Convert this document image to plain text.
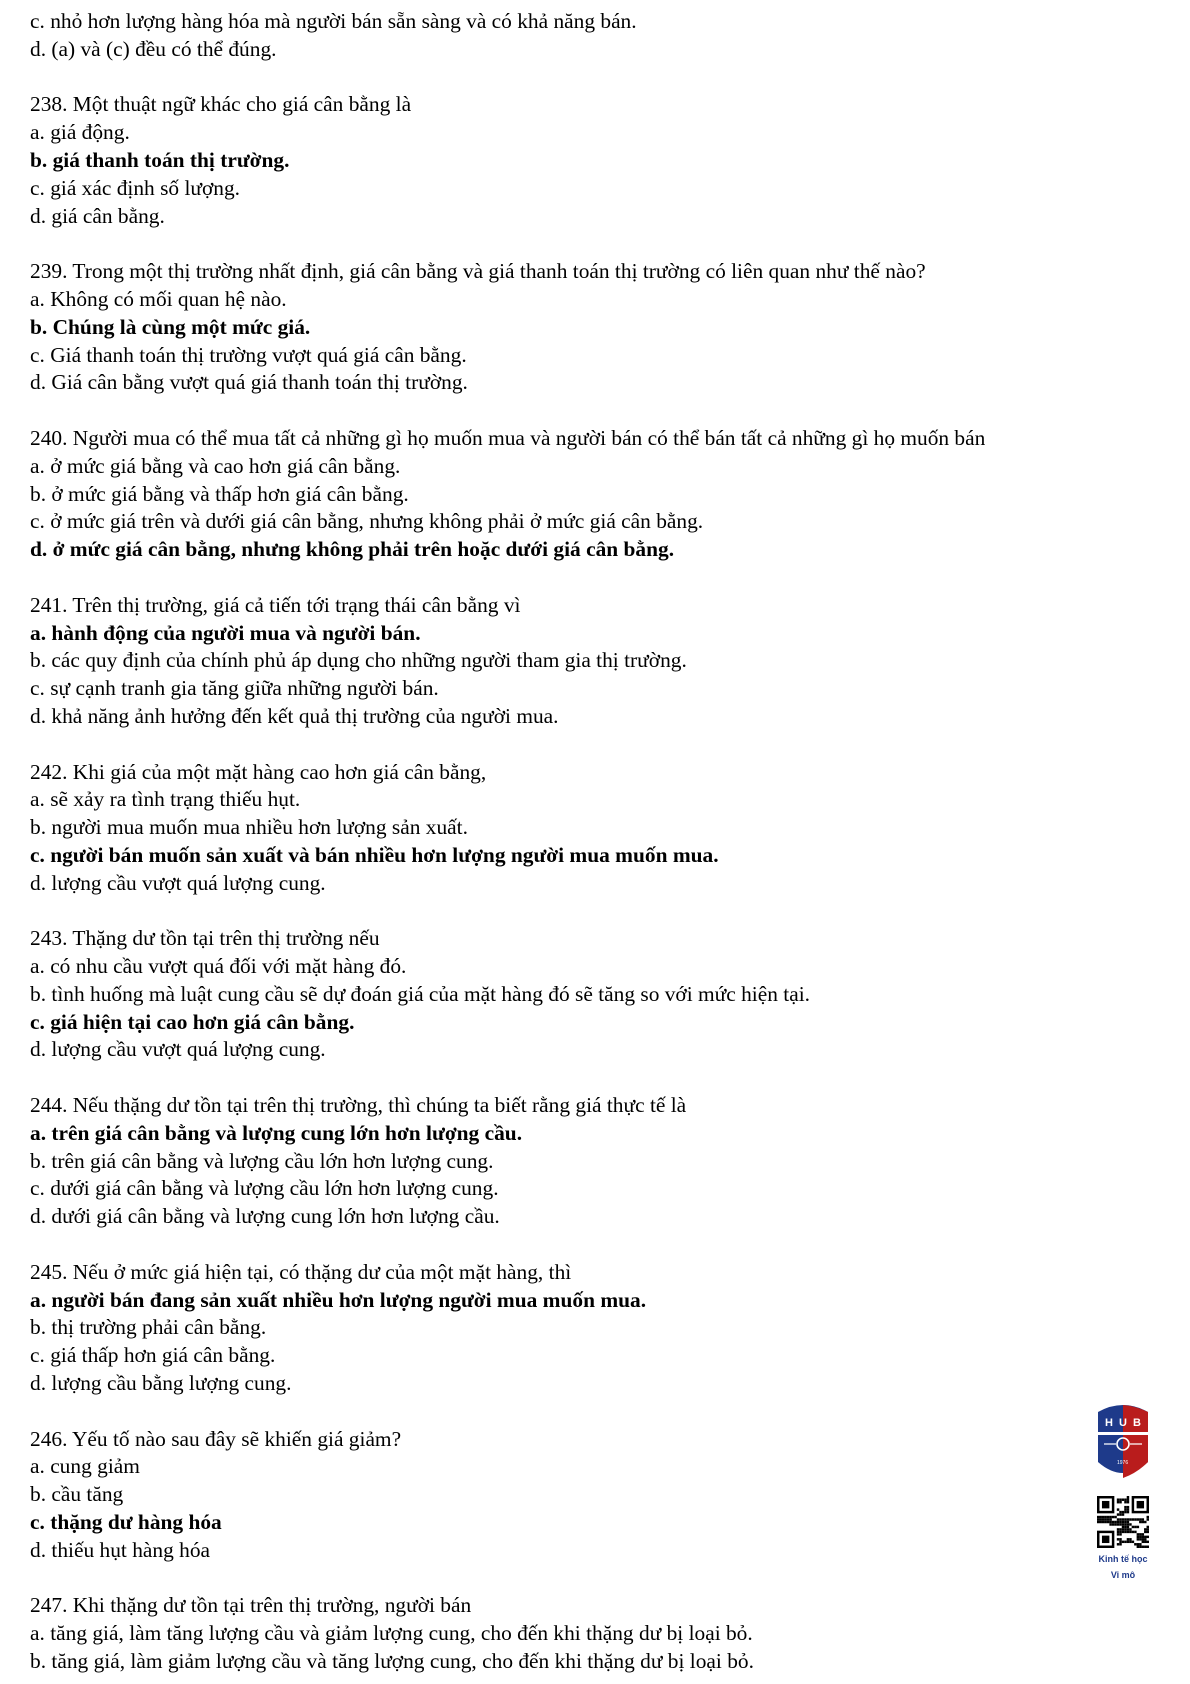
c. nhỏ hơn lượng hàng hóa mà người bán sẵn sàng và có khả năng bán.
d. (a) và (c) đều có thể đúng.
238. Một thuật ngữ khác cho giá cân bằng là
a. giá động.
b. giá thanh toán thị trường.
c. giá xác định số lượng.
d. giá cân bằng.
239. Trong một thị trường nhất định, giá cân bằng và giá thanh toán thị trường có liên quan như thế nào?
a. Không có mối quan hệ nào.
b. Chúng là cùng một mức giá.
c. Giá thanh toán thị trường vượt quá giá cân bằng.
d. Giá cân bằng vượt quá giá thanh toán thị trường.
240. Người mua có thể mua tất cả những gì họ muốn mua và người bán có thể bán tất cả những gì họ muốn bán
a. ở mức giá bằng và cao hơn giá cân bằng.
b. ở mức giá bằng và thấp hơn giá cân bằng.
c. ở mức giá trên và dưới giá cân bằng, nhưng không phải ở mức giá cân bằng.
d. ở mức giá cân bằng, nhưng không phải trên hoặc dưới giá cân bằng.
241. Trên thị trường, giá cả tiến tới trạng thái cân bằng vì
a. hành động của người mua và người bán.
b. các quy định của chính phủ áp dụng cho những người tham gia thị trường.
c. sự cạnh tranh gia tăng giữa những người bán.
d. khả năng ảnh hưởng đến kết quả thị trường của người mua.
242. Khi giá của một mặt hàng cao hơn giá cân bằng,
a. sẽ xảy ra tình trạng thiếu hụt.
b. người mua muốn mua nhiều hơn lượng sản xuất.
c. người bán muốn sản xuất và bán nhiều hơn lượng người mua muốn mua.
d. lượng cầu vượt quá lượng cung.
243. Thặng dư tồn tại trên thị trường nếu
a. có nhu cầu vượt quá đối với mặt hàng đó.
b. tình huống mà luật cung cầu sẽ dự đoán giá của mặt hàng đó sẽ tăng so với mức hiện tại.
c. giá hiện tại cao hơn giá cân bằng.
d. lượng cầu vượt quá lượng cung.
244. Nếu thặng dư tồn tại trên thị trường, thì chúng ta biết rằng giá thực tế là
a. trên giá cân bằng và lượng cung lớn hơn lượng cầu.
b. trên giá cân bằng và lượng cầu lớn hơn lượng cung.
c. dưới giá cân bằng và lượng cầu lớn hơn lượng cung.
d. dưới giá cân bằng và lượng cung lớn hơn lượng cầu.
245. Nếu ở mức giá hiện tại, có thặng dư của một mặt hàng, thì
a. người bán đang sản xuất nhiều hơn lượng người mua muốn mua.
b. thị trường phải cân bằng.
c. giá thấp hơn giá cân bằng.
d. lượng cầu bằng lượng cung.
246. Yếu tố nào sau đây sẽ khiến giá giảm?
a. cung giảm
b. cầu tăng
c. thặng dư hàng hóa
d. thiếu hụt hàng hóa
247. Khi thặng dư tồn tại trên thị trường, người bán
a. tăng giá, làm tăng lượng cầu và giảm lượng cung, cho đến khi thặng dư bị loại bỏ.
b. tăng giá, làm giảm lượng cầu và tăng lượng cung, cho đến khi thặng dư bị loại bỏ.
H U B
1976
Kinh tế học
Vi mô
